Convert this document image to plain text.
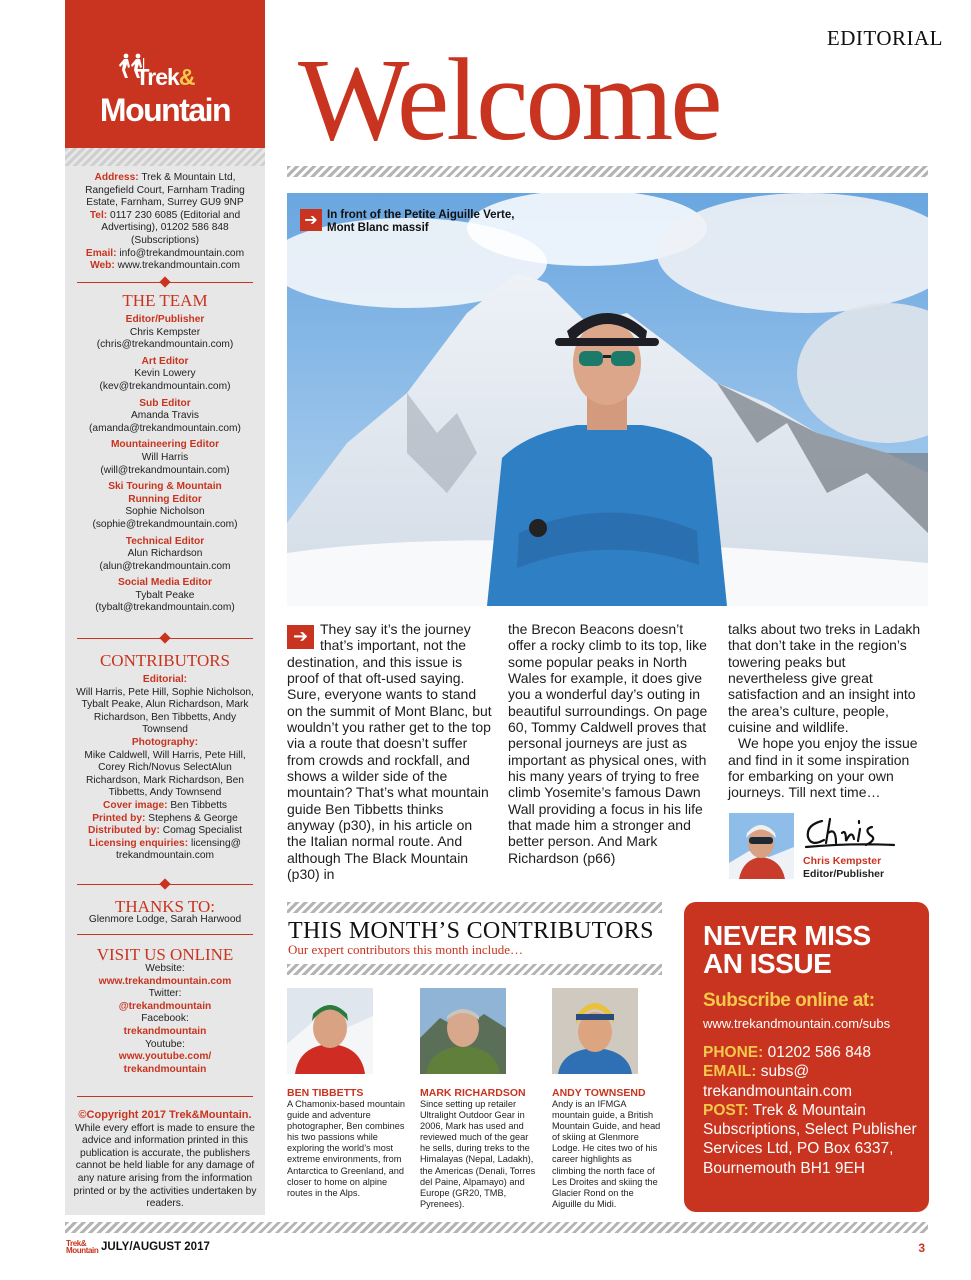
Trek&
Mountain
Address: Trek & Mountain Ltd, Rangefield Court, Farnham Trading Estate, Farnham, Surrey GU9 9NP
Tel: 0117 230 6085 (Editorial and Advertising), 01202 586 848 (Subscriptions)
Email: info@trekandmountain.com
Web: www.trekandmountain.com
THE TEAM
Editor/Publisher
Chris Kempster
(chris@trekandmountain.com)
Art Editor
Kevin Lowery
(kev@trekandmountain.com)
Sub Editor
Amanda Travis
(amanda@trekandmountain.com)
Mountaineering Editor
Will Harris
(will@trekandmountain.com)
Ski Touring & Mountain Running Editor
Sophie Nicholson
(sophie@trekandmountain.com)
Technical Editor
Alun Richardson
(alun@trekandmountain.com
Social Media Editor
Tybalt Peake
(tybalt@trekandmountain.com)
CONTRIBUTORS
Editorial:
Will Harris, Pete Hill, Sophie Nicholson, Tybalt Peake, Alun Richardson, Mark Richardson, Ben Tibbetts, Andy Townsend
Photography:
Mike Caldwell, Will Harris, Pete Hill, Corey Rich/Novus SelectAlun Richardson, Mark Richardson, Ben Tibbetts, Andy Townsend
Cover image: Ben Tibbetts
Printed by: Stephens & George
Distributed by: Comag Specialist
Licensing enquiries: licensing@ trekandmountain.com
THANKS TO:
Glenmore Lodge, Sarah Harwood
VISIT US ONLINE
Website:
www.trekandmountain.com
Twitter:
@trekandmountain
Facebook:
trekandmountain
Youtube:
www.youtube.com/ trekandmountain
©Copyright 2017 Trek&Mountain.
While every effort is made to ensure the advice and information printed in this publication is accurate, the publishers cannot be held liable for any damage of any nature arising from the information printed or by the activities undertaken by readers.
EDITORIAL
Welcome
➔ In front of the Petite Aiguille Verte, Mont Blanc massif
➔ They say it’s the journey that’s important, not the destination, and this issue is proof of that oft-used saying. Sure, everyone wants to stand on the summit of Mont Blanc, but wouldn’t you rather get to the top via a route that doesn’t suffer from crowds and rockfall, and shows a wilder side of the mountain? That’s what mountain guide Ben Tibbetts thinks anyway (p30), in his article on the Italian normal route. And although The Black Mountain (p30) in

the Brecon Beacons doesn’t offer a rocky climb to its top, like some popular peaks in North Wales for example, it does give you a wonderful day’s outing in beautiful surroundings. On page 60, Tommy Caldwell proves that personal journeys are just as important as physical ones, with his many years of trying to free climb Yosemite’s famous Dawn Wall providing a focus in his life that made him a stronger and better person. And Mark Richardson (p66)

talks about two treks in Ladakh that don’t take in the region’s towering peaks but nevertheless give great satisfaction and an insight into the area’s culture, people, cuisine and wildlife.

We hope you enjoy the issue and find in it some inspiration for embarking on your own journeys. Till next time…

Chris Kempster
Editor/Publisher
THIS MONTH’S CONTRIBUTORS
Our expert contributors this month include…
BEN TIBBETTS
A Chamonix-based mountain guide and adventure photographer, Ben combines his two passions while exploring the world’s most extreme environments, from Antarctica to Greenland, and closer to home on alpine routes in the Alps.
MARK RICHARDSON
Since setting up retailer Ultralight Outdoor Gear in 2006, Mark has used and reviewed much of the gear he sells, during treks to the Himalayas (Nepal, Ladakh), the Americas (Denali, Torres del Paine, Alpamayo) and Europe (GR20, TMB, Pyrenees).
ANDY TOWNSEND
Andy is an IFMGA mountain guide, a British Mountain Guide, and head of skiing at Glenmore Lodge. He cites two of his career highlights as climbing the north face of Les Droites and skiing the Glacier Rond on the Aiguille du Midi.
NEVER MISS AN ISSUE
Subscribe online at:
www.trekandmountain.com/subs
PHONE: 01202 586 848
EMAIL: subs@ trekandmountain.com
POST: Trek & Mountain Subscriptions, Select Publisher Services Ltd, PO Box 6337, Bournemouth BH1 9EH
Trek&
Mountain JULY/AUGUST 2017	3
